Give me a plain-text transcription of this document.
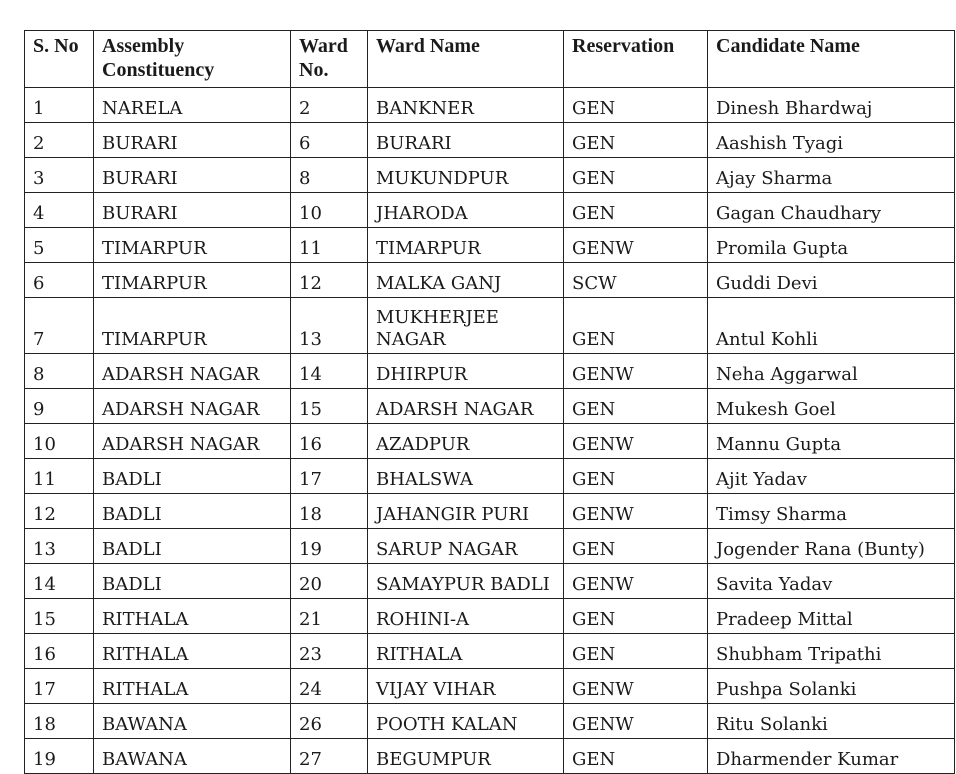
S. No	Assembly Constituency	Ward No.	Ward Name	Reservation	Candidate Name
1	NARELA	2	BANKNER	GEN	Dinesh Bhardwaj
2	BURARI	6	BURARI	GEN	Aashish Tyagi
3	BURARI	8	MUKUNDPUR	GEN	Ajay Sharma
4	BURARI	10	JHARODA	GEN	Gagan Chaudhary
5	TIMARPUR	11	TIMARPUR	GENW	Promila Gupta
6	TIMARPUR	12	MALKA GANJ	SCW	Guddi Devi
7	TIMARPUR	13	MUKHERJEE NAGAR	GEN	Antul Kohli
8	ADARSH NAGAR	14	DHIRPUR	GENW	Neha Aggarwal
9	ADARSH NAGAR	15	ADARSH NAGAR	GEN	Mukesh Goel
10	ADARSH NAGAR	16	AZADPUR	GENW	Mannu Gupta
11	BADLI	17	BHALSWA	GEN	Ajit Yadav
12	BADLI	18	JAHANGIR PURI	GENW	Timsy Sharma
13	BADLI	19	SARUP NAGAR	GEN	Jogender Rana (Bunty)
14	BADLI	20	SAMAYPUR BADLI	GENW	Savita Yadav
15	RITHALA	21	ROHINI-A	GEN	Pradeep Mittal
16	RITHALA	23	RITHALA	GEN	Shubham Tripathi
17	RITHALA	24	VIJAY VIHAR	GENW	Pushpa Solanki
18	BAWANA	26	POOTH KALAN	GENW	Ritu Solanki
19	BAWANA	27	BEGUMPUR	GEN	Dharmender Kumar
